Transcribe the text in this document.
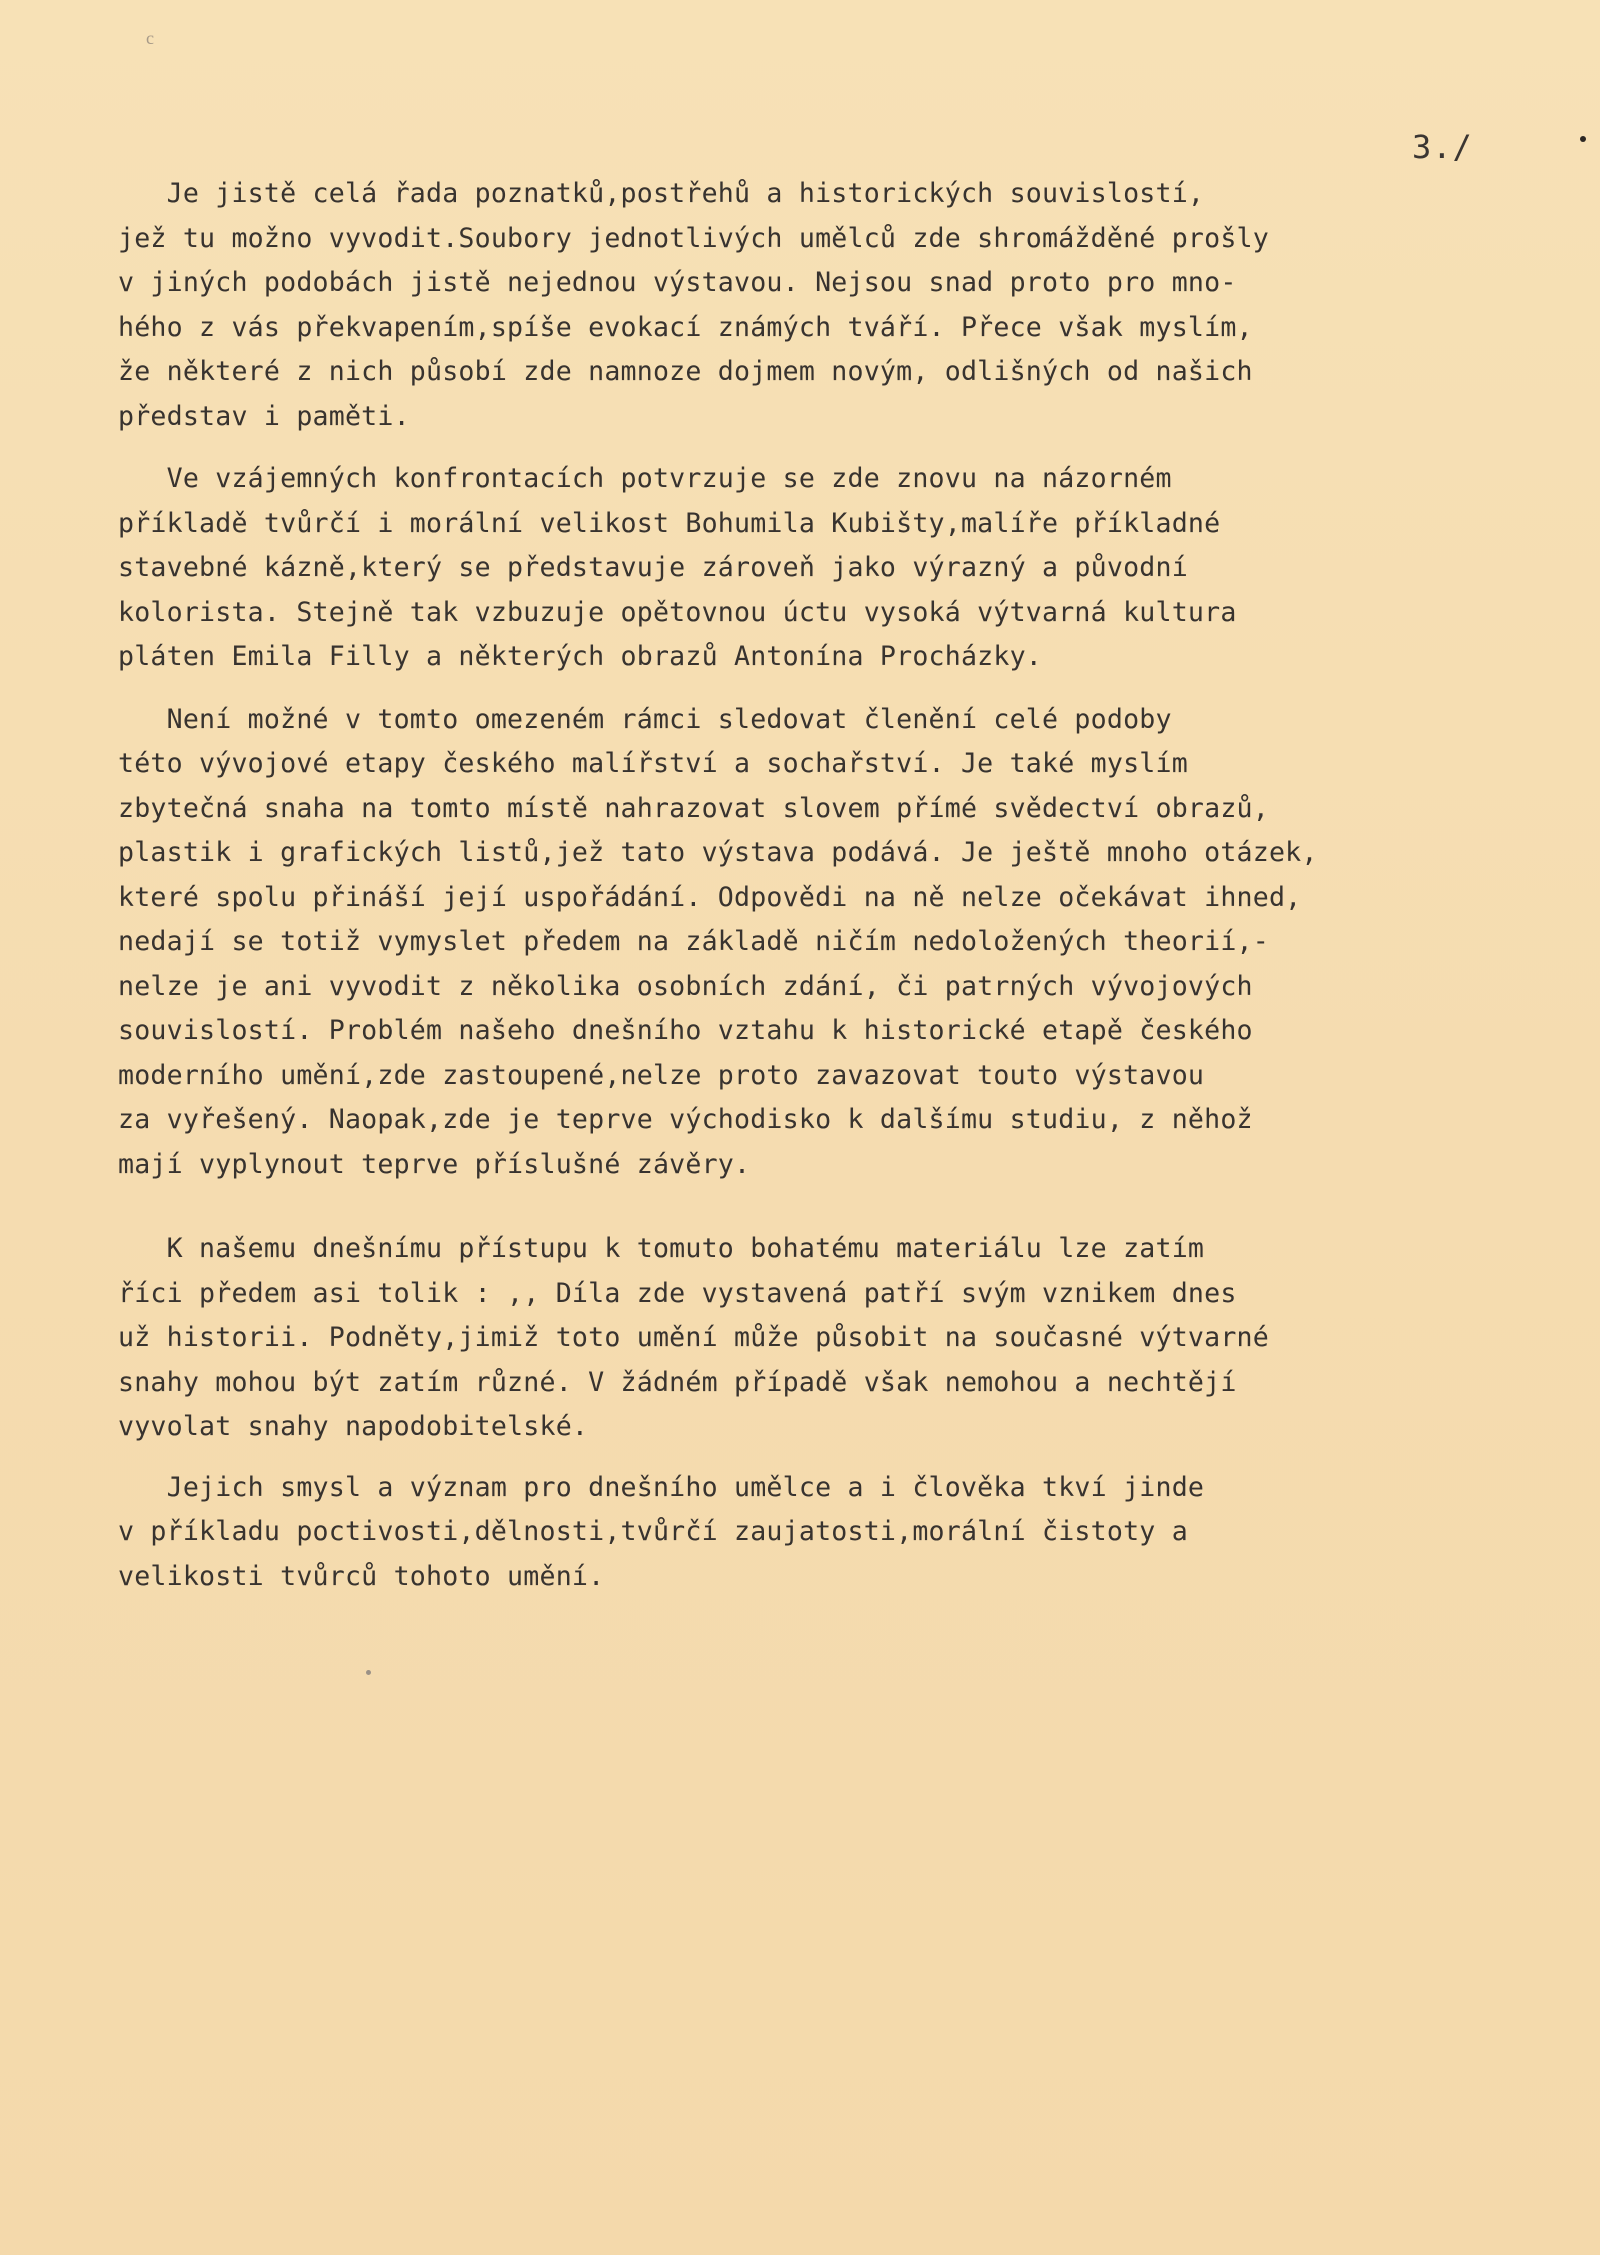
c

3./

Je jistě celá řada poznatků,postřehů a historických souvislostí,
jež tu možno vyvodit.Soubory jednotlivých umělců zde shromážděné prošly
v jiných podobách jistě nejednou výstavou. Nejsou snad proto pro mno-
hého z vás překvapením,spíše evokací známých tváří. Přece však myslím,
že některé z nich působí zde namnoze dojmem novým, odlišných od našich
představ i paměti.
Ve vzájemných konfrontacích potvrzuje se zde znovu na názorném
příkladě tvůrčí i morální velikost Bohumila Kubišty,malíře příkladné
stavebné kázně,který se představuje zároveň jako výrazný a původní
kolorista. Stejně tak vzbuzuje opětovnou úctu vysoká výtvarná kultura
pláten Emila Filly a některých obrazů Antonína Procházky.
Není možné v tomto omezeném rámci sledovat členění celé podoby
této vývojové etapy českého malířství a sochařství. Je také myslím
zbytečná snaha na tomto místě nahrazovat slovem přímé svědectví obrazů,
plastik i grafických listů,jež tato výstava podává. Je ještě mnoho otázek,
které spolu přináší její uspořádání. Odpovědi na ně nelze očekávat ihned,
nedají se totiž vymyslet předem na základě ničím nedoložených theorií,-
nelze je ani vyvodit z několika osobních zdání, či patrných vývojových
souvislostí. Problém našeho dnešního vztahu k historické etapě českého
moderního umění,zde zastoupené,nelze proto zavazovat touto výstavou
za vyřešený. Naopak,zde je teprve východisko k dalšímu studiu, z něhož
mají vyplynout teprve příslušné závěry.
K našemu dnešnímu přístupu k tomuto bohatému materiálu lze zatím
říci předem asi tolik : ,, Díla zde vystavená patří svým vznikem dnes
už historii. Podněty,jimiž toto umění může působit na současné výtvarné
snahy mohou být zatím různé. V žádném případě však nemohou a nechtějí
vyvolat snahy napodobitelské.
Jejich smysl a význam pro dnešního umělce a i člověka tkví jinde
v příkladu poctivosti,dělnosti,tvůrčí zaujatosti,morální čistoty a
velikosti tvůrců tohoto umění.
